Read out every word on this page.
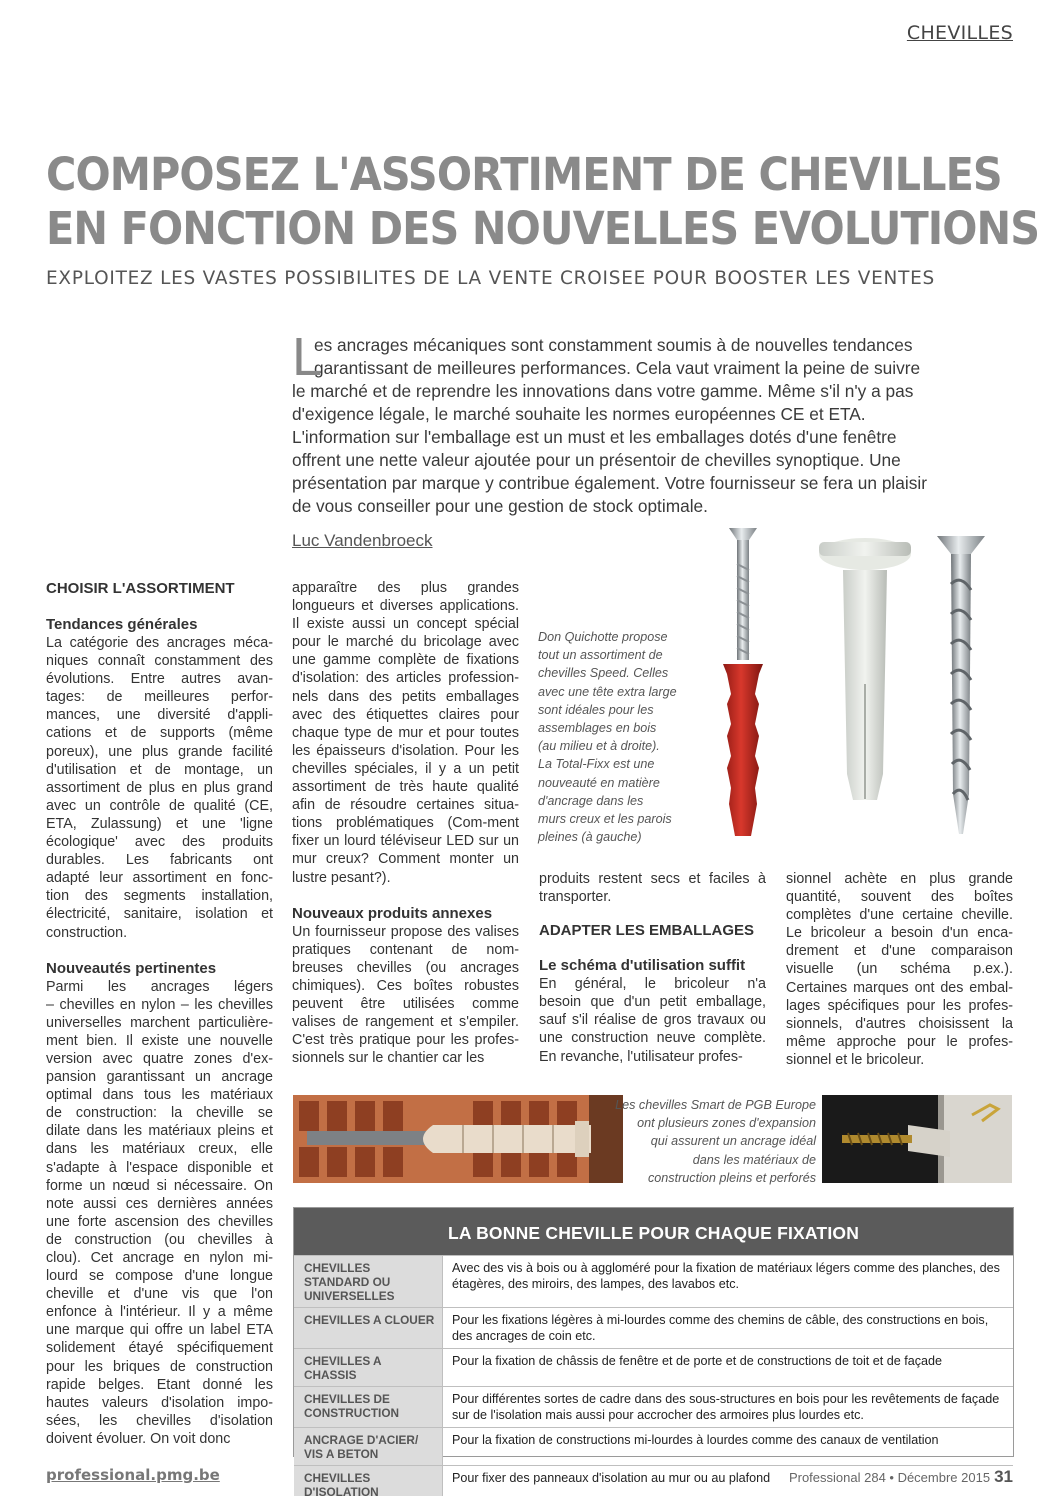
CHEVILLES
COMPOSEZ L'ASSORTIMENT DE CHEVILLES
EN FONCTION DES NOUVELLES EVOLUTIONS
EXPLOITEZ LES VASTES POSSIBILITES DE LA VENTE CROISEE POUR BOOSTER LES VENTES
L
es ancrages mécaniques sont constamment soumis à de nouvelles tendances
garantissant de meilleures performances. Cela vaut vraiment la peine de suivre
le marché et de reprendre les innovations dans votre gamme. Même s'il n'y a pas
d'exigence légale, le marché souhaite les normes européennes CE et ETA.
L'information sur l'emballage est un must et les emballages dotés d'une fenêtre
offrent une nette valeur ajoutée pour un présentoir de chevilles synoptique. Une
présentation par marque y contribue également. Votre fournisseur se fera un plaisir
de vous conseiller pour une gestion de stock optimale.
Luc Vandenbroeck
CHOISIR L'ASSORTIMENT
Tendances générales
La catégorie des ancrages méca-
niques connaît constamment des
évolutions. Entre autres avan-
tages: de meilleures perfor-
mances, une diversité d'appli-
cations et de supports (même
poreux), une plus grande facilité
d'utilisation et de montage, un
assortiment de plus en plus grand
avec un contrôle de qualité (CE,
ETA, Zulassung) et une 'ligne
écologique' avec des produits
durables. Les fabricants ont
adapté leur assortiment en fonc-
tion des segments installation,
électricité, sanitaire, isolation et
construction.
Nouveautés pertinentes
Parmi les ancrages légers
– chevilles en nylon – les chevilles
universelles marchent particulière-
ment bien. Il existe une nouvelle
version avec quatre zones d'ex-
pansion garantissant un ancrage
optimal dans tous les matériaux
de construction: la cheville se
dilate dans les matériaux pleins et
dans les matériaux creux, elle
s'adapte à l'espace disponible et
forme un nœud si nécessaire. On
note aussi ces dernières années
une forte ascension des chevilles
de construction (ou chevilles à
clou). Cet ancrage en nylon mi-
lourd se compose d'une longue
cheville et d'une vis que l'on
enfonce à l'intérieur. Il y a même
une marque qui offre un label ETA
solidement étayé spécifiquement
pour les briques de construction
rapide belges. Etant donné les
hautes valeurs d'isolation impo-
sées, les chevilles d'isolation
doivent évoluer. On voit donc
apparaître des plus grandes
longueurs et diverses applications.
Il existe aussi un concept spécial
pour le marché du bricolage avec
une gamme complète de fixations
d'isolation: des articles profession-
nels dans des petits emballages
avec des étiquettes claires pour
chaque type de mur et pour toutes
les épaisseurs d'isolation. Pour les
chevilles spéciales, il y a un petit
assortiment de très haute qualité
afin de résoudre certaines situa-
tions problématiques (Com-ment
fixer un lourd téléviseur LED sur un
mur creux? Comment monter un
lustre pesant?).
Nouveaux produits annexes
Un fournisseur propose des valises
pratiques contenant de nom-
breuses chevilles (ou ancrages
chimiques). Ces boîtes robustes
peuvent être utilisées comme
valises de rangement et s'empiler.
C'est très pratique pour les profes-
sionnels sur le chantier car les
Don Quichotte propose
tout un assortiment de
chevilles Speed. Celles
avec une tête extra large
sont idéales pour les
assemblages en bois
(au milieu et à droite).
La Total-Fixx est une
nouveauté en matière
d'ancrage dans les
murs creux et les parois
pleines (à gauche)
produits restent secs et faciles à
transporter.
ADAPTER LES EMBALLAGES
Le schéma d'utilisation suffit
En général, le bricoleur n'a
besoin que d'un petit emballage,
sauf s'il réalise de gros travaux ou
une construction neuve complète.
En revanche, l'utilisateur profes-
sionnel achète en plus grande
quantité, souvent des boîtes
complètes d'une certaine cheville.
Le bricoleur a besoin d'un enca-
drement et d'une comparaison
visuelle (un schéma p.ex.).
Certaines marques ont des embal-
lages spécifiques pour les profes-
sionnels, d'autres choisissent la
même approche pour le profes-
sionnel et le bricoleur.
Les chevilles Smart de PGB Europe
ont plusieurs zones d'expansion
qui assurent un ancrage idéal
dans les matériaux de
construction pleins et perforés
LA BONNE CHEVILLE POUR CHAQUE FIXATION
CHEVILLES STANDARD OU UNIVERSELLES
Avec des vis à bois ou à aggloméré pour la fixation de matériaux légers comme des planches, des étagères, des miroirs, des lampes, des lavabos etc.
CHEVILLES A CLOUER	Pour les fixations légères à mi-lourdes comme des chemins de câble, des constructions en bois, des ancrages de coin etc.
CHEVILLES A CHASSIS
Pour la fixation de châssis de fenêtre et de porte et de constructions de toit et de façade
CHEVILLES DE CONSTRUCTION
Pour différentes sortes de cadre dans des sous-structures en bois pour les revêtements de façade sur de l'isolation mais aussi pour accrocher des armoires plus lourdes etc.
ANCRAGE D'ACIER/ VIS A BETON
Pour la fixation de constructions mi-lourdes à lourdes comme des canaux de ventilation
CHEVILLES D'ISOLATION
Pour fixer des panneaux d'isolation au mur ou au plafond
professional.pmg.be	Professional 284 • Décembre 2015 31
